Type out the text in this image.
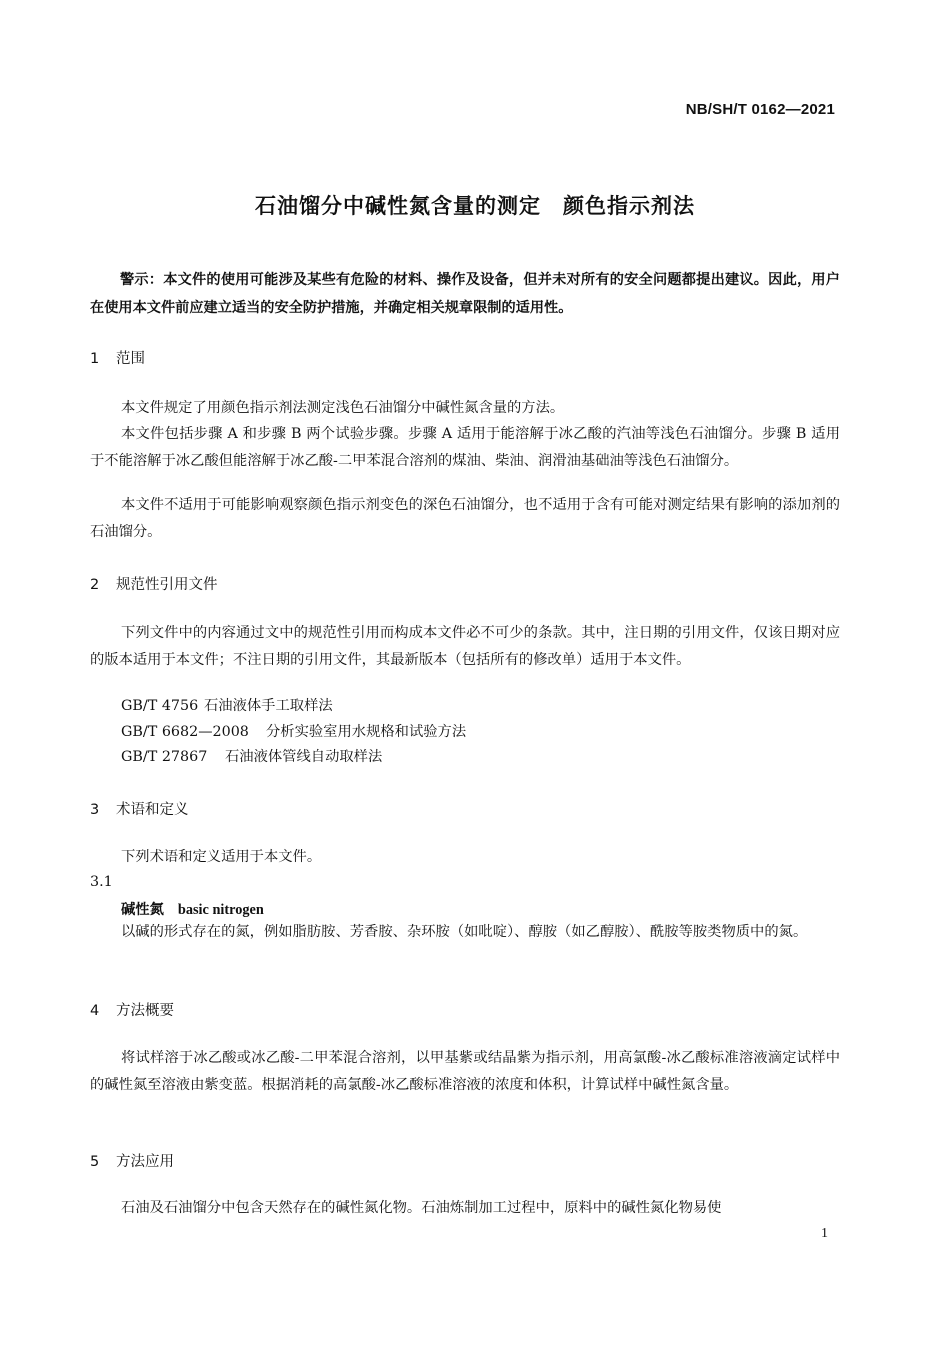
NB/SH/T 0162—2021
石油馏分中碱性氮含量的测定 颜色指示剂法
警示：本文件的使用可能涉及某些有危险的材料、操作及设备，但并未对所有的安全问题都提出建议。因此，用户在使用本文件前应建立适当的安全防护措施，并确定相关规章限制的适用性。
1 范围
本文件规定了用颜色指示剂法测定浅色石油馏分中碱性氮含量的方法。
本文件包括步骤 A 和步骤 B 两个试验步骤。步骤 A 适用于能溶解于冰乙酸的汽油等浅色石油馏分。步骤 B 适用于不能溶解于冰乙酸但能溶解于冰乙酸-二甲苯混合溶剂的煤油、柴油、润滑油基础油等浅色石油馏分。
本文件不适用于可能影响观察颜色指示剂变色的深色石油馏分，也不适用于含有可能对测定结果有影响的添加剂的石油馏分。
2 规范性引用文件
下列文件中的内容通过文中的规范性引用而构成本文件必不可少的条款。其中，注日期的引用文件，仅该日期对应的版本适用于本文件；不注日期的引用文件，其最新版本（包括所有的修改单）适用于本文件。
GB/T 4756 石油液体手工取样法
GB/T 6682—2008 分析实验室用水规格和试验方法
GB/T 27867 石油液体管线自动取样法
3 术语和定义
下列术语和定义适用于本文件。
3.1
碱性氮 basic nitrogen
以碱的形式存在的氮，例如脂肪胺、芳香胺、杂环胺（如吡啶）、醇胺（如乙醇胺）、酰胺等胺类物质中的氮。
4 方法概要
将试样溶于冰乙酸或冰乙酸-二甲苯混合溶剂，以甲基紫或结晶紫为指示剂，用高氯酸-冰乙酸标准溶液滴定试样中的碱性氮至溶液由紫变蓝。根据消耗的高氯酸-冰乙酸标准溶液的浓度和体积，计算试样中碱性氮含量。
5 方法应用
石油及石油馏分中包含天然存在的碱性氮化物。石油炼制加工过程中，原料中的碱性氮化物易使
1
